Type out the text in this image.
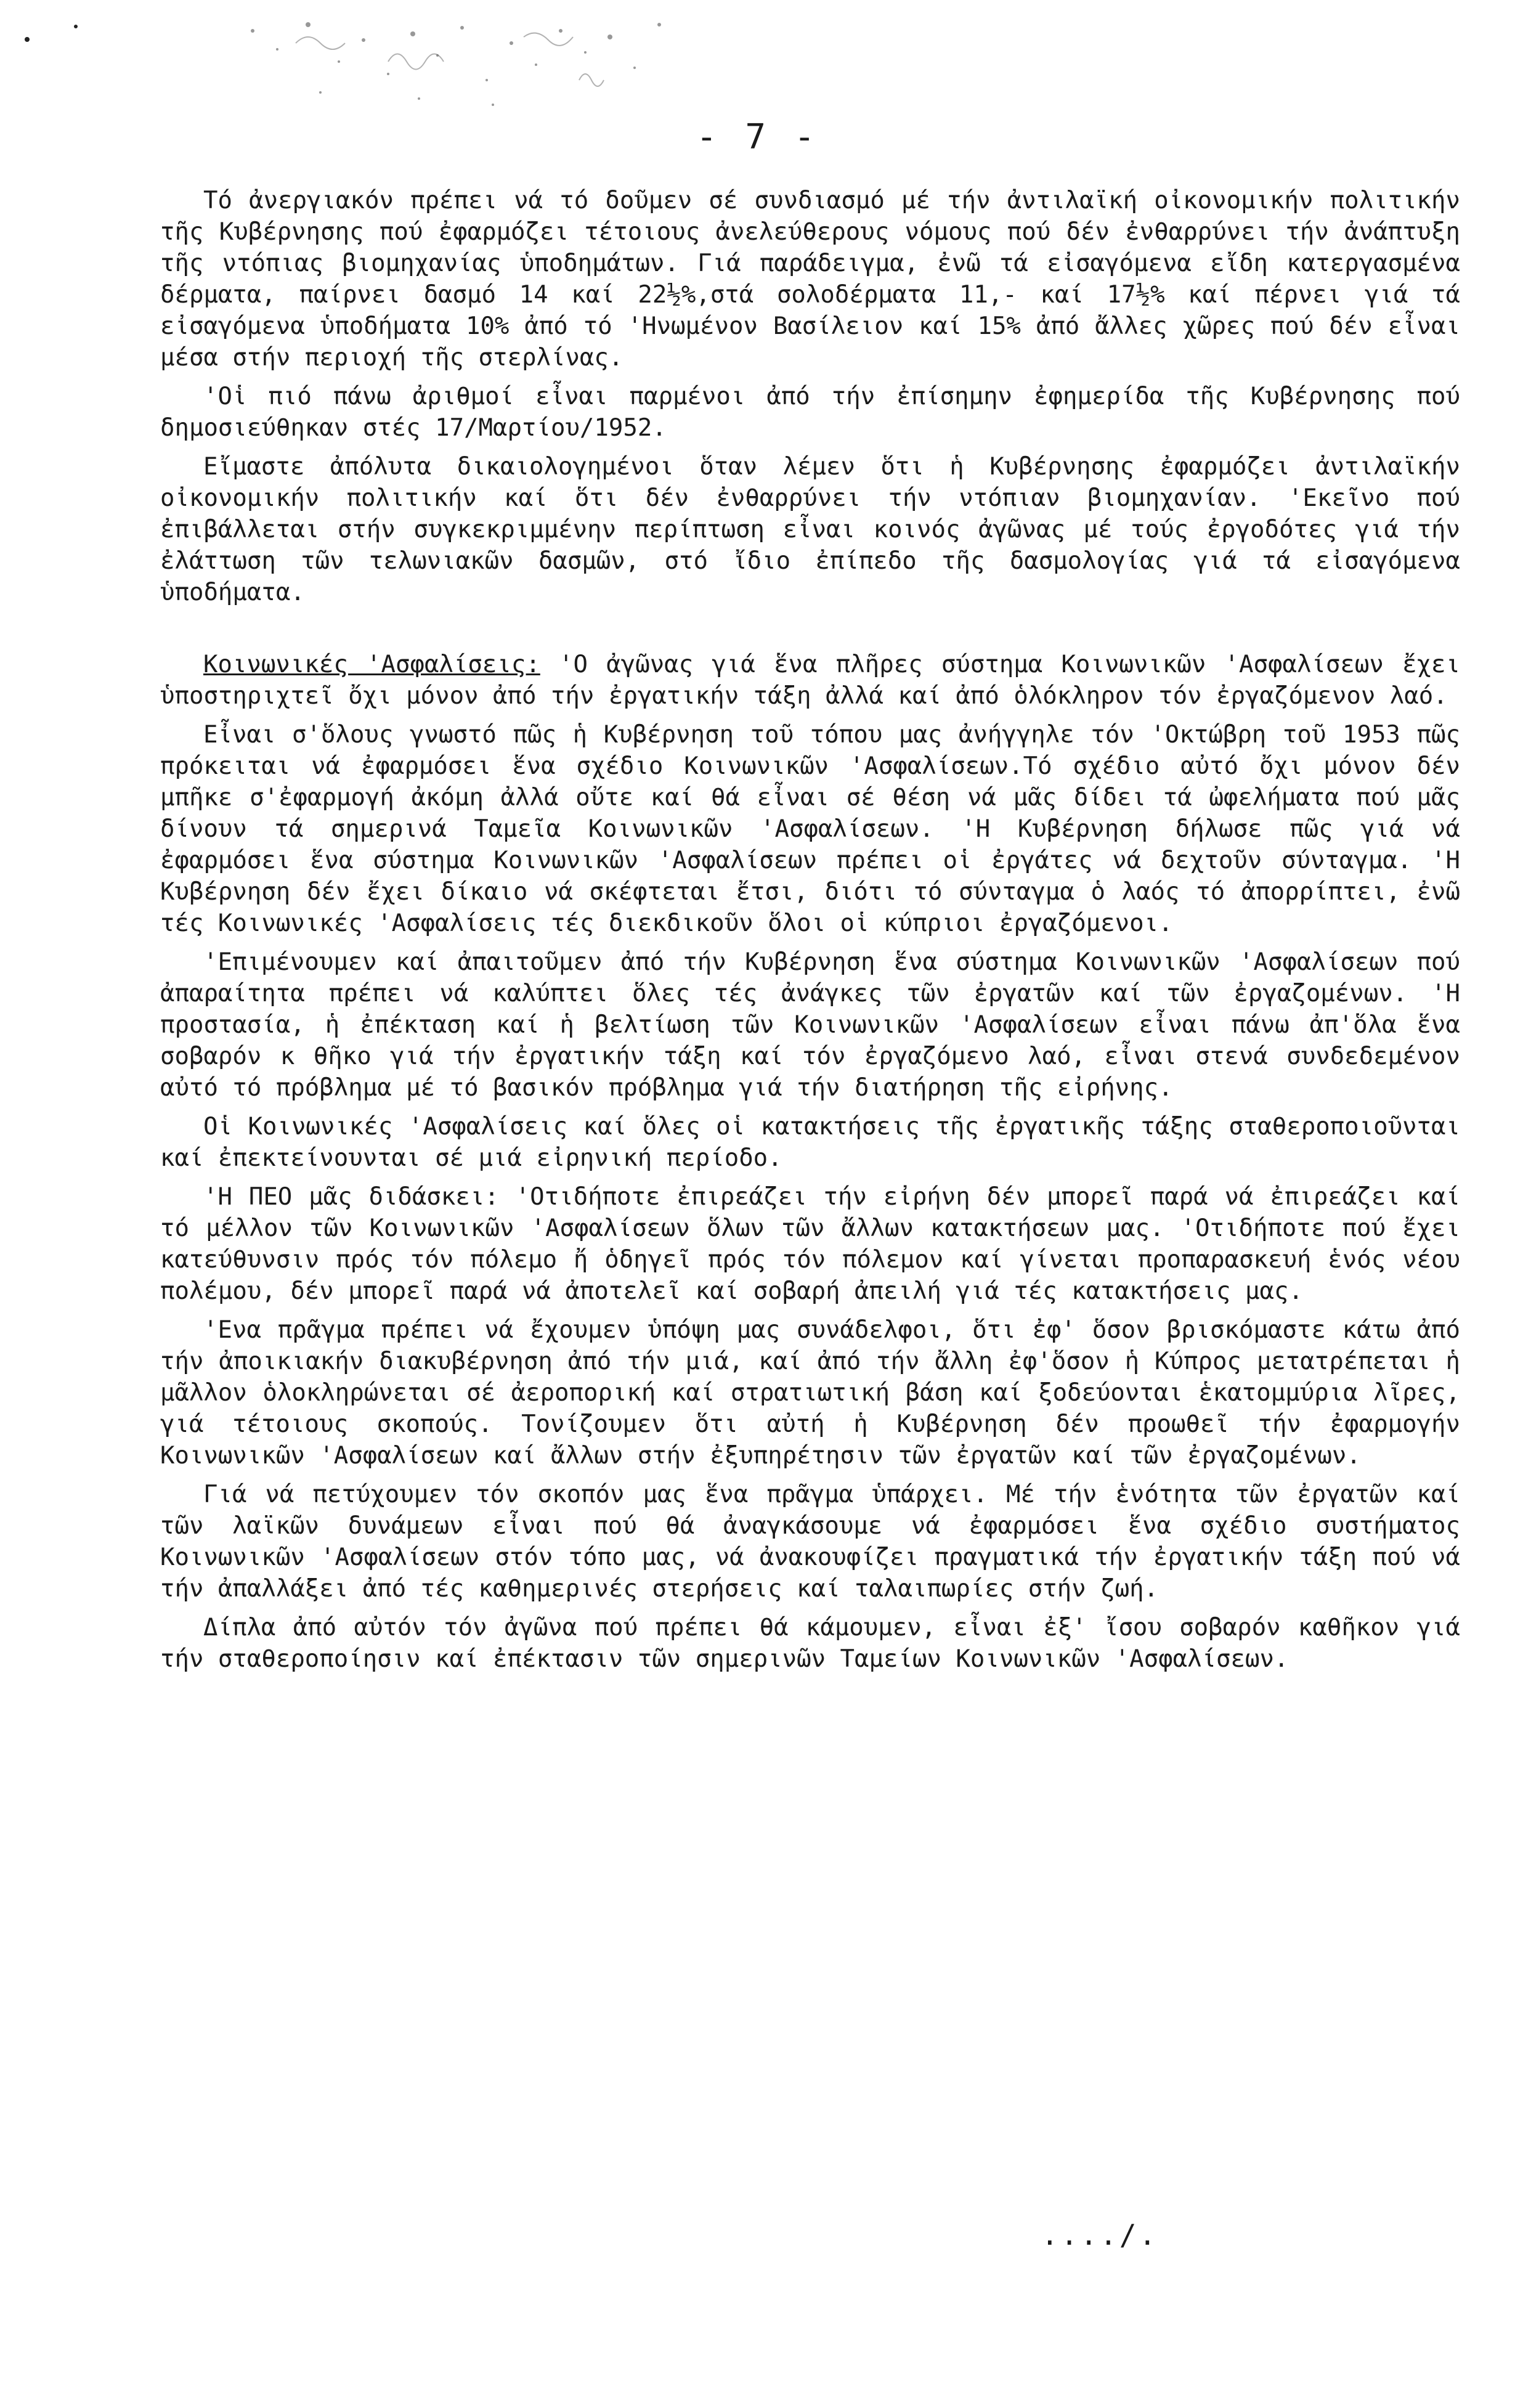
- 7 -

Τό ἀνεργιακόν πρέπει νά τό δοῦμεν σέ συνδιασμό μέ τήν ἀντιλαϊκή οἰκονομικήν πολιτικήν τῆς Κυβέρνησης πού ἐφαρμόζει τέτοιους ἀνελεύθερους νόμους πού δέν ἐνθαρρύνει τήν ἀνάπτυξη τῆς ντόπιας βιομηχανίας ὑποδημάτων. Γιά παράδειγμα, ἐνῶ τά εἰσαγόμενα εἴδη κατεργασμένα δέρματα, παίρνει δασμό 14 καί 22½%,στά σολοδέρματα 11,- καί 17½% καί πέρνει γιά τά εἰσαγόμενα ὑποδήματα 10% ἀπό τό 'Ηνωμένον Βασίλειον καί 15% ἀπό ἄλλες χῶρες πού δέν εἶναι μέσα στήν περιοχή τῆς στερλίνας.

'Οἱ πιό πάνω ἀριθμοί εἶναι παρμένοι ἀπό τήν ἐπίσημην ἐφημερίδα τῆς Κυβέρνησης πού δημοσιεύθηκαν στές 17/Μαρτίου/1952.

Εἴμαστε ἀπόλυτα δικαιολογημένοι ὅταν λέμεν ὅτι ἡ Κυβέρνησης ἐφαρμόζει ἀντιλαϊκήν οἰκονομικήν πολιτικήν καί ὅτι δέν ἐνθαρρύνει τήν ντόπιαν βιομηχανίαν. 'Εκεῖνο πού ἐπιβάλλεται στήν συγκεκριμμένην περίπτωση εἶναι κοινός ἀγῶνας μέ τούς ἐργοδότες γιά τήν ἐλάττωση τῶν τελωνιακῶν δασμῶν, στό ἴδιο ἐπίπεδο τῆς δασμολογίας γιά τά εἰσαγόμενα ὑποδήματα.

Κοινωνικές 'Ασφαλίσεις: 'Ο ἀγῶνας γιά ἕνα πλῆρες σύστημα Κοινωνικῶν 'Ασφαλίσεων ἔχει ὑποστηριχτεῖ ὄχι μόνον ἀπό τήν ἐργατικήν τάξη ἀλλά καί ἀπό ὁλόκληρον τόν ἐργαζόμενον λαό.

Εἶναι σ'ὅλους γνωστό πῶς ἡ Κυβέρνηση τοῦ τόπου μας ἀνήγγηλε τόν 'Οκτώβρη τοῦ 1953 πῶς πρόκειται νά ἐφαρμόσει ἕνα σχέδιο Κοινωνικῶν 'Ασφαλίσεων.Τό σχέδιο αὐτό ὄχι μόνον δέν μπῆκε σ'ἐφαρμογή ἀκόμη ἀλλά οὔτε καί θά εἶναι σέ θέση νά μᾶς δίδει τά ὠφελήματα πού μᾶς δίνουν τά σημερινά Ταμεῖα Κοινωνικῶν 'Ασφαλίσεων. 'Η Κυβέρνηση δήλωσε πῶς γιά νά ἐφαρμόσει ἕνα σύστημα Κοινωνικῶν 'Ασφαλίσεων πρέπει οἱ ἐργάτες νά δεχτοῦν σύνταγμα. 'Η Κυβέρνηση δέν ἔχει δίκαιο νά σκέφτεται ἔτσι, διότι τό σύνταγμα ὁ λαός τό ἀπορρίπτει, ἐνῶ τές Κοινωνικές 'Ασφαλίσεις τές διεκδικοῦν ὅλοι οἱ κύπριοι ἐργαζόμενοι.

'Επιμένουμεν καί ἀπαιτοῦμεν ἀπό τήν Κυβέρνηση ἕνα σύστημα Κοινωνικῶν 'Ασφαλίσεων πού ἀπαραίτητα πρέπει νά καλύπτει ὅλες τές ἀνάγκες τῶν ἐργατῶν καί τῶν ἐργαζομένων. 'Η προστασία, ἡ ἐπέκταση καί ἡ βελτίωση τῶν Κοινωνικῶν 'Ασφαλίσεων εἶναι πάνω ἀπ'ὅλα ἕνα σοβαρόν κ θῆκο γιά τήν ἐργατικήν τάξη καί τόν ἐργαζόμενο λαό, εἶναι στενά συνδεδεμένον αὐτό τό πρόβλημα μέ τό βασικόν πρόβλημα γιά τήν διατήρηση τῆς εἰρήνης.

Οἱ Κοινωνικές 'Ασφαλίσεις καί ὅλες οἱ κατακτήσεις τῆς ἐργατικῆς τάξης σταθεροποιοῦνται καί ἐπεκτείνουνται σέ μιά εἰρηνική περίοδο.

'Η ΠΕΟ μᾶς διδάσκει: 'Οτιδήποτε ἐπιρεάζει τήν εἰρήνη δέν μπορεῖ παρά νά ἐπιρεάζει καί τό μέλλον τῶν Κοινωνικῶν 'Ασφαλίσεων ὅλων τῶν ἄλλων κατακτήσεων μας. 'Οτιδήποτε πού ἔχει κατεύθυνσιν πρός τόν πόλεμο ἤ ὁδηγεῖ πρός τόν πόλεμον καί γίνεται προπαρασκευή ἑνός νέου πολέμου, δέν μπορεῖ παρά νά ἀποτελεῖ καί σοβαρή ἀπειλή γιά τές κατακτήσεις μας.

'Ενα πρᾶγμα πρέπει νά ἔχουμεν ὑπόψη μας συνάδελφοι, ὅτι ἐφ' ὅσον βρισκόμαστε κάτω ἀπό τήν ἀποικιακήν διακυβέρνηση ἀπό τήν μιά, καί ἀπό τήν ἄλλη ἐφ'ὅσον ἡ Κύπρος μετατρέπεται ἡ μᾶλλον ὁλοκληρώνεται σέ ἀεροπορική καί στρατιωτική βάση καί ξοδεύονται ἑκατομμύρια λῖρες, γιά τέτοιους σκοπούς. Τονίζουμεν ὅτι αὐτή ἡ Κυβέρνηση δέν προωθεῖ τήν ἐφαρμογήν Κοινωνικῶν 'Ασφαλίσεων καί ἄλλων στήν ἐξυπηρέτησιν τῶν ἐργατῶν καί τῶν ἐργαζομένων.

Γιά νά πετύχουμεν τόν σκοπόν μας ἕνα πρᾶγμα ὑπάρχει. Μέ τήν ἑνότητα τῶν ἐργατῶν καί τῶν λαϊκῶν δυνάμεων εἶναι πού θά ἀναγκάσουμε νά ἐφαρμόσει ἕνα σχέδιο συστήματος Κοινωνικῶν 'Ασφαλίσεων στόν τόπο μας, νά ἀνακουφίζει πραγματικά τήν ἐργατικήν τάξη πού νά τήν ἀπαλλάξει ἀπό τές καθημερινές στερήσεις καί ταλαιπωρίες στήν ζωή.

Δίπλα ἀπό αὐτόν τόν ἀγῶνα πού πρέπει θά κάμουμεν, εἶναι ἐξ' ἴσου σοβαρόν καθῆκον γιά τήν σταθεροποίησιν καί ἐπέκτασιν τῶν σημερινῶν Ταμείων Κοινωνικῶν 'Ασφαλίσεων.

..../.
